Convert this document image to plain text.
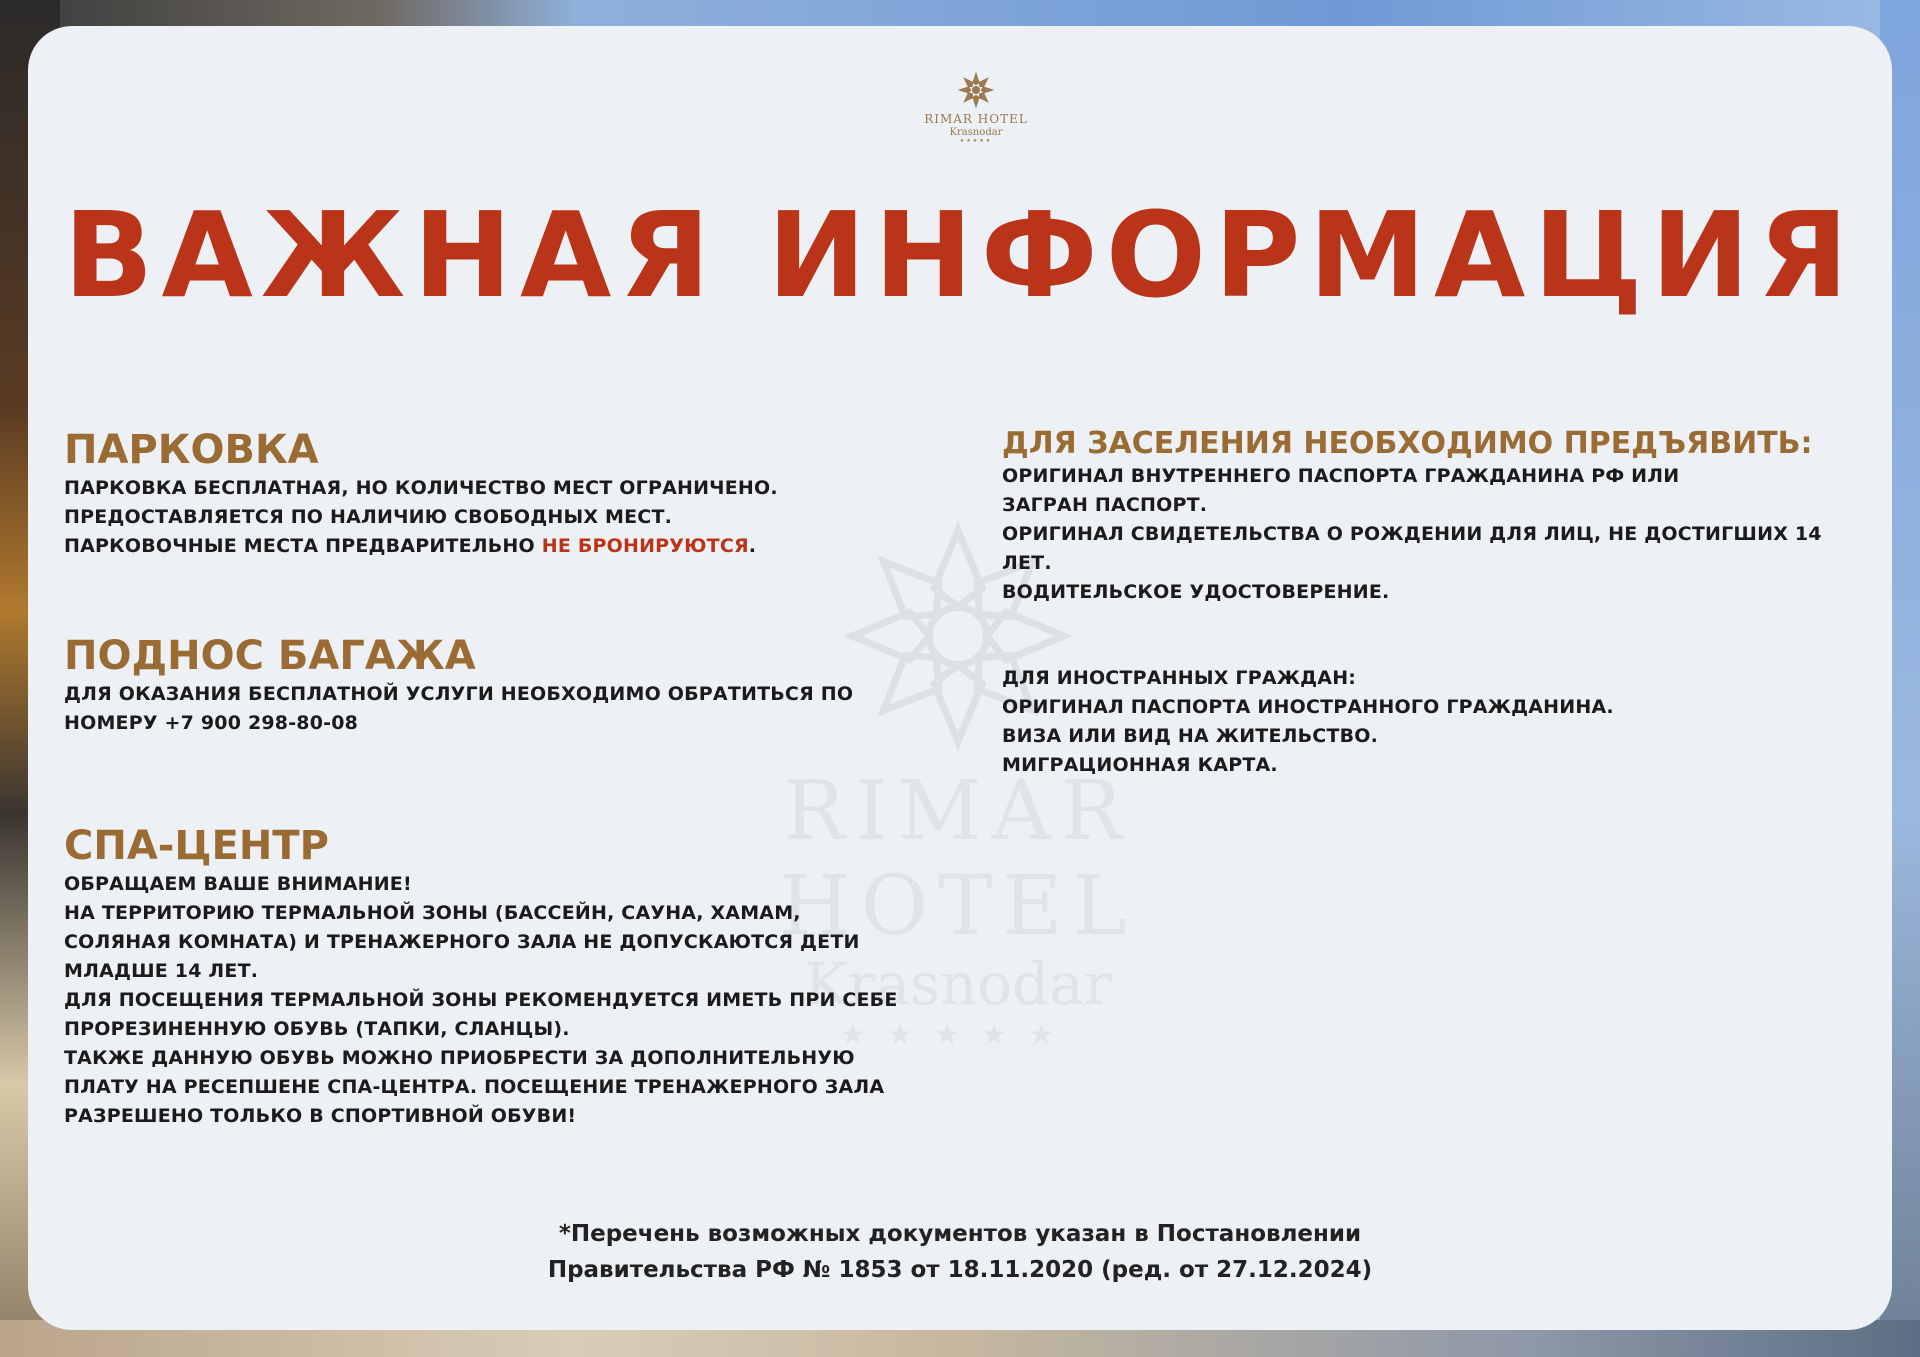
RIMAR HOTEL
Krasnodar
★★★★★
RIMAR HOTEL
Krasnodar
★★★★★
ВАЖНАЯ ИНФОРМАЦИЯ
ПАРКОВКА
ПАРКОВКА БЕСПЛАТНАЯ, НО КОЛИЧЕСТВО МЕСТ ОГРАНИЧЕНО.
ПРЕДОСТАВЛЯЕТСЯ ПО НАЛИЧИЮ СВОБОДНЫХ МЕСТ.
ПАРКОВОЧНЫЕ МЕСТА ПРЕДВАРИТЕЛЬНО НЕ БРОНИРУЮТСЯ.
ПОДНОС БАГАЖА
ДЛЯ ОКАЗАНИЯ БЕСПЛАТНОЙ УСЛУГИ НЕОБХОДИМО ОБРАТИТЬСЯ ПО
НОМЕРУ +7 900 298-80-08
СПА-ЦЕНТР
ОБРАЩАЕМ ВАШЕ ВНИМАНИЕ!
НА ТЕРРИТОРИЮ ТЕРМАЛЬНОЙ ЗОНЫ (БАССЕЙН, САУНА, ХАМАМ,
СОЛЯНАЯ КОМНАТА) И ТРЕНАЖЕРНОГО ЗАЛА НЕ ДОПУСКАЮТСЯ ДЕТИ
МЛАДШЕ 14 ЛЕТ.
ДЛЯ ПОСЕЩЕНИЯ ТЕРМАЛЬНОЙ ЗОНЫ РЕКОМЕНДУЕТСЯ ИМЕТЬ ПРИ СЕБЕ
ПРОРЕЗИНЕННУЮ ОБУВЬ (ТАПКИ, СЛАНЦЫ).
ТАКЖЕ ДАННУЮ ОБУВЬ МОЖНО ПРИОБРЕСТИ ЗА ДОПОЛНИТЕЛЬНУЮ
ПЛАТУ НА РЕСЕПШЕНЕ СПА-ЦЕНТРА. ПОСЕЩЕНИЕ ТРЕНАЖЕРНОГО ЗАЛА
РАЗРЕШЕНО ТОЛЬКО В СПОРТИВНОЙ ОБУВИ!
ДЛЯ ЗАСЕЛЕНИЯ НЕОБХОДИМО ПРЕДЪЯВИТЬ:
ОРИГИНАЛ ВНУТРЕННЕГО ПАСПОРТА ГРАЖДАНИНА РФ ИЛИ
ЗАГРАН ПАСПОРТ.
ОРИГИНАЛ СВИДЕТЕЛЬСТВА О РОЖДЕНИИ ДЛЯ ЛИЦ, НЕ ДОСТИГШИХ 14
ЛЕТ.
ВОДИТЕЛЬСКОЕ УДОСТОВЕРЕНИЕ.
ДЛЯ ИНОСТРАННЫХ ГРАЖДАН:
ОРИГИНАЛ ПАСПОРТА ИНОСТРАННОГО ГРАЖДАНИНА.
ВИЗА ИЛИ ВИД НА ЖИТЕЛЬСТВО.
МИГРАЦИОННАЯ КАРТА.
*Перечень возможных документов указан в Постановлении
Правительства РФ № 1853 от 18.11.2020 (ред. от 27.12.2024)
